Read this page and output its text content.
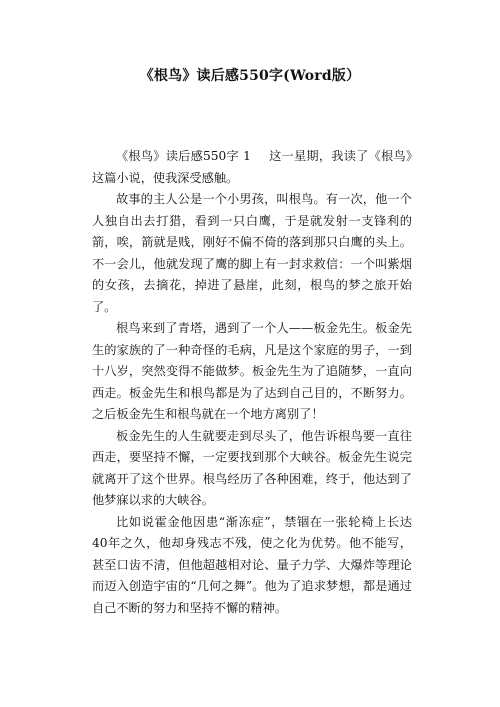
《根鸟》读后感550字(Word版）

《根鸟》读后感550字 1 这一星期，我读了《根鸟》这篇小说，使我深受感触。

故事的主人公是一个小男孩，叫根鸟。有一次，他一个人独自出去打猎，看到一只白鹰，于是就发射一支锋利的箭，唉，箭就是贱，刚好不偏不倚的落到那只白鹰的头上。不一会儿，他就发现了鹰的脚上有一封求救信：一个叫紫烟的女孩，去摘花，掉进了悬崖，此刻，根鸟的梦之旅开始了。

根鸟来到了青塔，遇到了一个人——板金先生。板金先生的家族的了一种奇怪的毛病，凡是这个家庭的男子，一到十八岁，突然变得不能做梦。板金先生为了追随梦，一直向西走。板金先生和根鸟都是为了达到自己目的，不断努力。之后板金先生和根鸟就在一个地方离别了！

板金先生的人生就要走到尽头了，他告诉根鸟要一直往西走，要坚持不懈，一定要找到那个大峡谷。板金先生说完就离开了这个世界。根鸟经历了各种困难，终于，他达到了他梦寐以求的大峡谷。

比如说霍金他因患“渐冻症”，禁锢在一张轮椅上长达40年之久，他却身残志不残，使之化为优势。他不能写，甚至口齿不清，但他超越相对论、量子力学、大爆炸等理论而迈入创造宇宙的“几何之舞”。他为了追求梦想，都是通过自己不断的努力和坚持不懈的精神。
